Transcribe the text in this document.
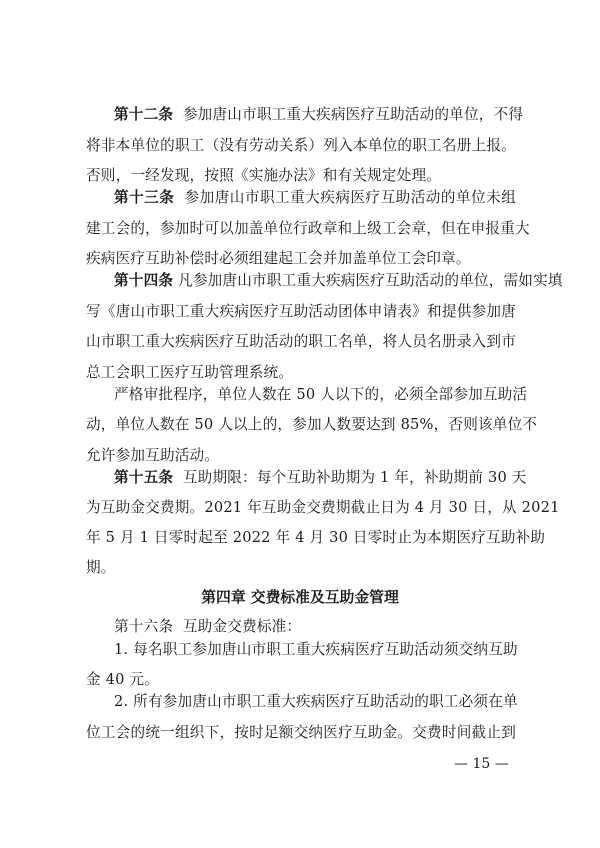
第十二条 参加唐山市职工重大疾病医疗互助活动的单位，不得
将非本单位的职工（没有劳动关系）列入本单位的职工名册上报。
否则，一经发现，按照《实施办法》和有关规定处理。
第十三条 参加唐山市职工重大疾病医疗互助活动的单位未组
建工会的，参加时可以加盖单位行政章和上级工会章，但在申报重大
疾病医疗互助补偿时必须组建起工会并加盖单位工会印章。
第十四条 凡参加唐山市职工重大疾病医疗互助活动的单位，需如实填
写《唐山市职工重大疾病医疗互助活动团体申请表》和提供参加唐
山市职工重大疾病医疗互助活动的职工名单，将人员名册录入到市
总工会职工医疗互助管理系统。
严格审批程序，单位人数在 50 人以下的，必须全部参加互助活
动，单位人数在 50 人以上的，参加人数要达到 85%，否则该单位不
允许参加互助活动。
第十五条 互助期限：每个互助补助期为 1 年，补助期前 30 天
为互助金交费期。2021 年互助金交费期截止日为 4 月 30 日，从 2021
年 5 月 1 日零时起至 2022 年 4 月 30 日零时止为本期医疗互助补助
期。
第四章 交费标准及互助金管理
第十六条 互助金交费标准：
1. 每名职工参加唐山市职工重大疾病医疗互助活动须交纳互助
金 40 元。
2. 所有参加唐山市职工重大疾病医疗互助活动的职工必须在单
位工会的统一组织下，按时足额交纳医疗互助金。交费时间截止到
— 15 —
